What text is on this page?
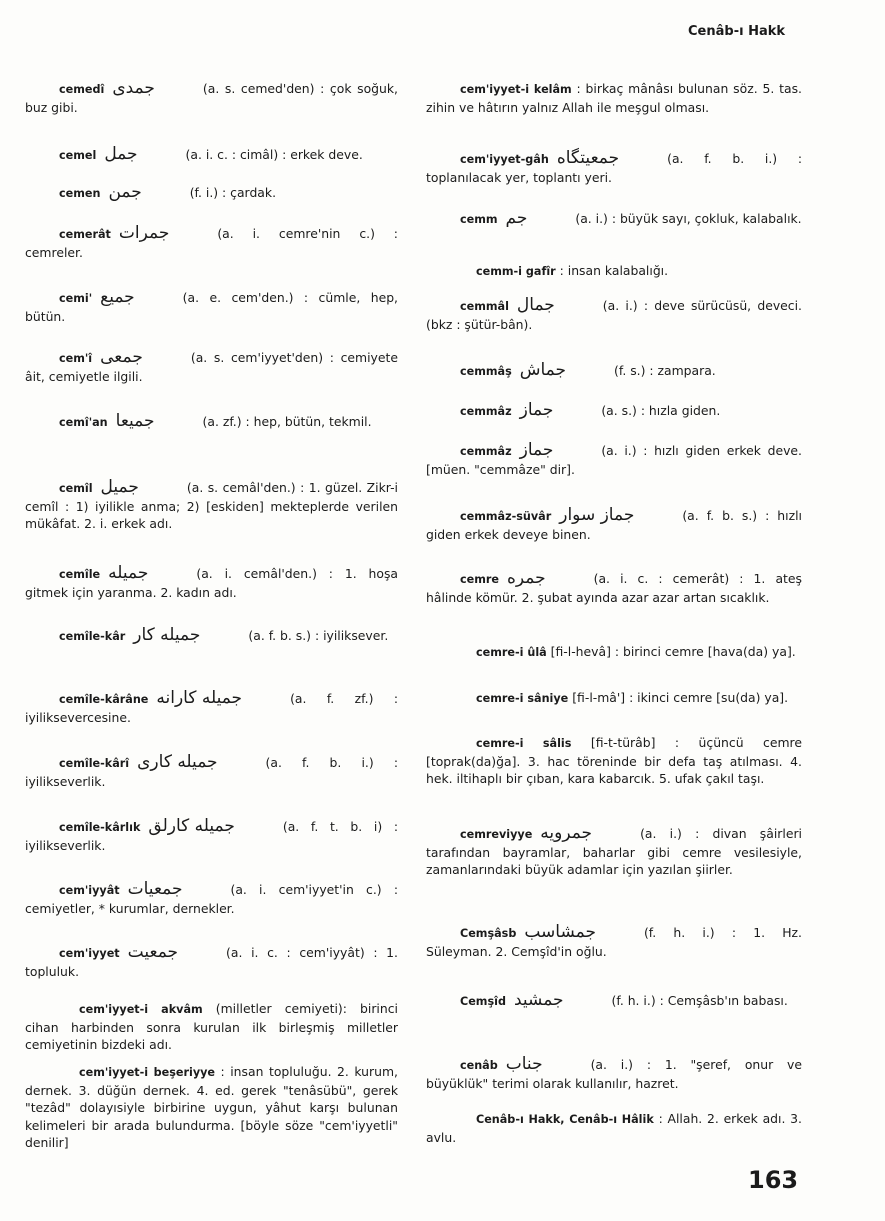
Cenâb-ı Hakk
cemedî جمدى	(a. s. cemed'den) : çok soğuk, buz gibi.
cemel جمل	(a. i. c. : cimâl) : erkek deve.
cemen جمن	(f. i.) : çardak.
cemerât جمرات	(a. i. cemre'nin c.) : cemreler.
cemi' جميع	(a. e. cem'den.) : cümle, hep, bütün.
cem'î جمعى	(a. s. cem'iyyet'den) : cemiyete âit, cemiyetle ilgili.
cemî'an جميعا	(a. zf.) : hep, bütün, tekmil.
cemîl جميل	(a. s. cemâl'den.) : 1. güzel. Zikr-i cemîl : 1) iyilikle anma; 2) [eskiden] mekteplerde verilen mükâfat. 2. i. erkek adı.
cemîle جميله	(a. i. cemâl'den.) : 1. hoşa gitmek için yaranma. 2. kadın adı.
cemîle-kâr جميله كار	(a. f. b. s.) : iyiliksever.
cemîle-kârâne جميله كارانه	(a. f. zf.) : iyiliksevercesine.
cemîle-kârî جميله كارى	(a. f. b. i.) : iyilikseverlik.
cemîle-kârlık جميله كارلق	(a. f. t. b. i) : iyilikseverlik.
cem'iyyât جمعيات	(a. i. cem'iyyet'in c.) : cemiyetler, * kurumlar, dernekler.
cem'iyyet جمعيت	(a. i. c. : cem'iyyât) : 1. topluluk.
cem'iyyet-i akvâm (milletler cemiyeti): birinci cihan harbinden sonra kurulan ilk birleşmiş milletler cemiyetinin bizdeki adı.
cem'iyyet-i beşeriyye : insan topluluğu. 2. kurum, dernek. 3. düğün dernek. 4. ed. gerek "tenâsübü", gerek "tezâd" dolayısiyle birbirine uygun, yâhut karşı bulunan kelimeleri bir arada bulundurma. [böyle söze "cem'iyyetli" denilir]
cem'iyyet-i kelâm : birkaç mânâsı bulunan söz. 5. tas. zihin ve hâtırın yalnız Allah ile meşgul olması.
cem'iyyet-gâh جمعيتگاه	(a. f. b. i.) : toplanılacak yer, toplantı yeri.
cemm جم	(a. i.) : büyük sayı, çokluk, kalabalık.
cemm-i gafîr : insan kalabalığı.
cemmâl جمال	(a. i.) : deve sürücüsü, deveci. (bkz : şütür-bân).
cemmâş جماش	(f. s.) : zampara.
cemmâz جماز	(a. s.) : hızla giden.
cemmâz جماز	(a. i.) : hızlı giden erkek deve. [müen. "cemmâze" dir].
cemmâz-süvâr جماز سوار	(a. f. b. s.) : hızlı giden erkek deveye binen.
cemre جمره	(a. i. c. : cemerât) : 1. ateş hâlinde kömür. 2. şubat ayında azar azar artan sıcaklık.
cemre-i ûlâ [fi-l-hevâ] : birinci cemre [hava(da) ya].
cemre-i sâniye [fi-l-mâ'] : ikinci cemre [su(da) ya].
cemre-i sâlis [fi-t-türâb] : üçüncü cemre [toprak(da)ğa]. 3. hac töreninde bir defa taş atılması. 4. hek. iltihaplı bir çıban, kara kabarcık. 5. ufak çakıl taşı.
cemreviyye جمرويه	(a. i.) : divan şâirleri tarafından bayramlar, baharlar gibi cemre vesilesiyle, zamanlarındaki büyük adamlar için yazılan şiirler.
Cemşâsb جمشاسب	(f. h. i.) : 1. Hz. Süleyman. 2. Cemşîd'in oğlu.
Cemşîd جمشيد	(f. h. i.) : Cemşâsb'ın babası.
cenâb جناب	(a. i.) : 1. "şeref, onur ve büyüklük" terimi olarak kullanılır, hazret.
Cenâb-ı Hakk, Cenâb-ı Hâlik : Allah. 2. erkek adı. 3. avlu.
163
